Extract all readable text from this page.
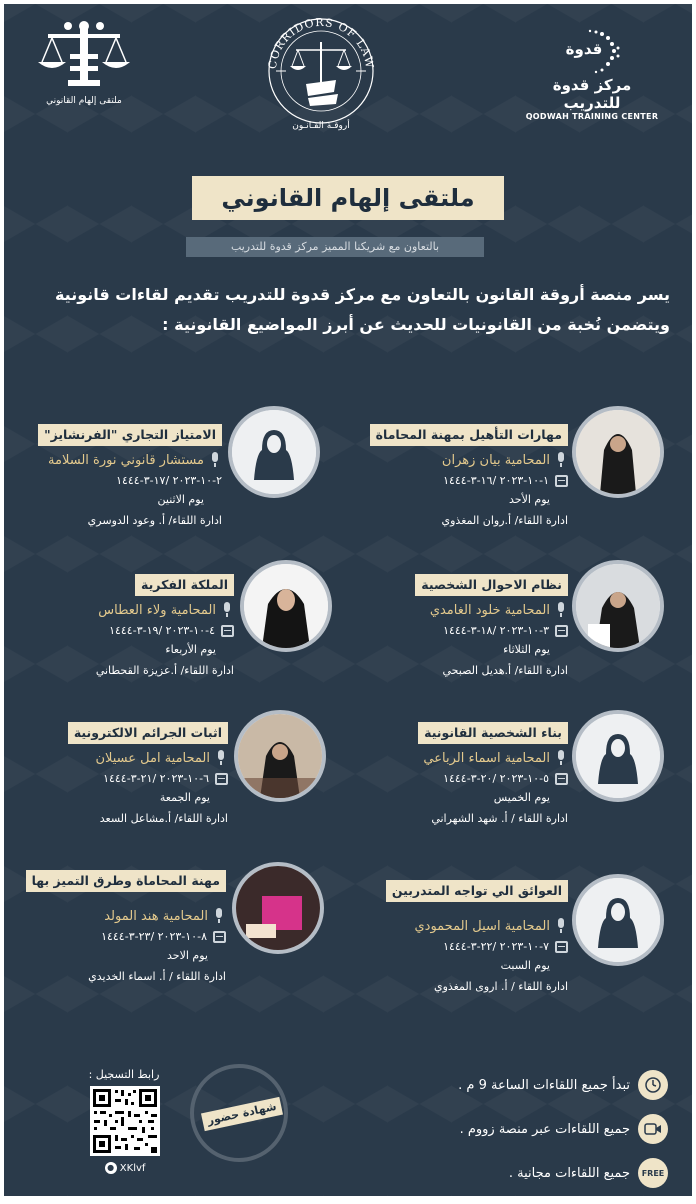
ملتقى إلهام القانوني
CORRIDORS OF LAW
أروقـة القـانـون
قدوة
مركز قدوة للتدريب
QODWAH TRAINING CENTER
ملتقى إلهام القانوني
بالتعاون مع شريكنا المميز مركز قدوة للتدريب
يسر منصة أروقة القانون بالتعاون مع مركز قدوة للتدريب تقديم لقاءات قانونية
ويتضمن نُخبة من القانونيات للحديث عن أبرز المواضيع القانونية :
مهارات التأهيل بمهنة المحاماة
المحامية بيان زهران
١-١٠-٢٠٢٣ /١٦-٣-١٤٤٤
يوم الأحد
ادارة اللقاء/ أ.روان المغذوي
الامتياز التجاري "الفرنشايز"
مستشار قانوني نورة السلامة
٢-١٠-٢٠٢٣ /١٧-٣-١٤٤٤
يوم الاثنين
ادارة اللقاء/ أ. وعود الدوسري
نظام الاحوال الشخصية
المحامية خلود الغامدي
٣-١٠-٢٠٢٣ /١٨-٣-١٤٤٤
يوم الثلاثاء
ادارة اللقاء/ أ.هديل الصبحي
الملكة الفكرية
المحامية ولاء العطاس
٤-١٠-٢٠٢٣ /١٩-٣-١٤٤٤
يوم الأربعاء
ادارة اللقاء/ أ.عزيزة القحطاني
بناء الشخصية القانونية
المحامية اسماء الرباعي
٥-١٠-٢٠٢٣ /٢٠-٣-١٤٤٤
يوم الخميس
ادارة اللقاء / أ. شهد الشهراني
اثبات الجرائم الالكترونية
المحامية امل عسيلان
٦-١٠-٢٠٢٣ /٢١-٣-١٤٤٤
يوم الجمعة
ادارة اللقاء/ أ.مشاعل السعد
العوائق الي تواجه المتدربين
المحامية اسيل المحمودي
٧-١٠-٢٠٢٣ /٢٢-٣-١٤٤٤
يوم السبت
ادارة اللقاء / أ. اروى المغذوي
مهنة المحاماة وطرق التميز بها
المحامية هند المولد
٨-١٠-٢٠٢٣ /٢٣-٣-١٤٤٤
يوم الاحد
ادارة اللقاء / أ. اسماء الخديدي
تبدأ جميع اللقاءات الساعة 9 م .
جميع اللقاءات عبر منصة زووم .
FREE
جميع اللقاءات مجانية .
شهادة حضور
رابط التسجيل :
● XKlvf
